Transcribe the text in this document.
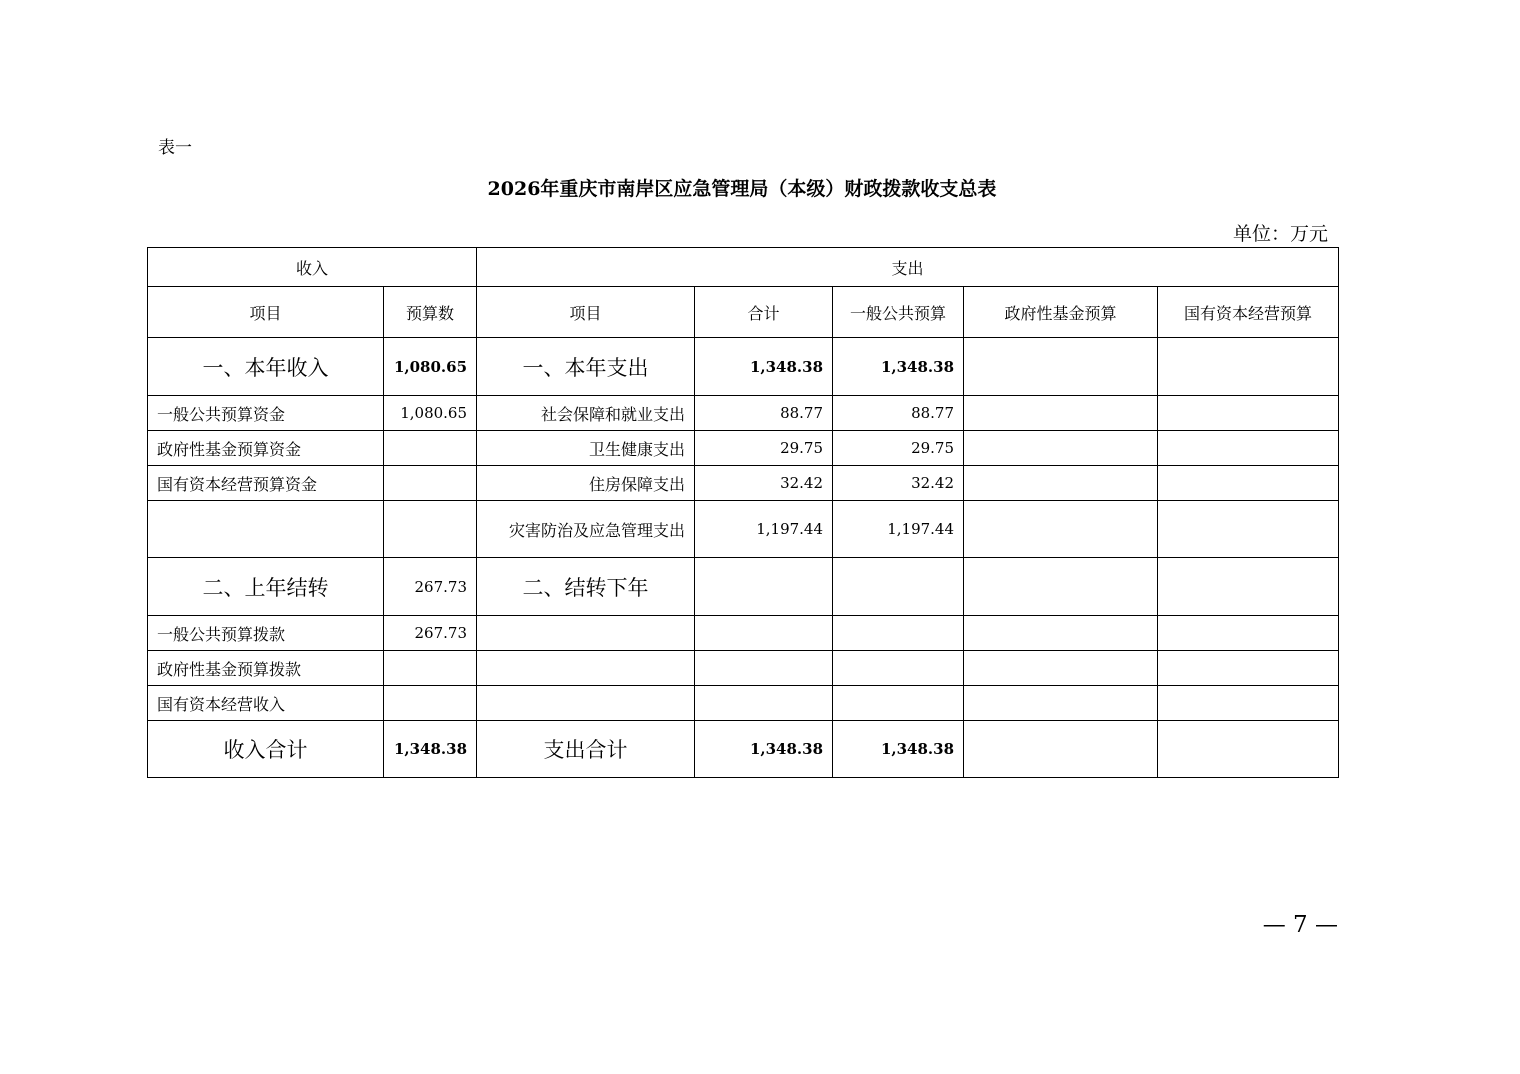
表一
2026年重庆市南岸区应急管理局（本级）财政拨款收支总表
单位：万元
收入		支出				
项目	预算数	项目	合计	一般公共预算	政府性基金预算	国有资本经营预算
一、本年收入	1,080.65	一、本年支出	1,348.38	1,348.38		
一般公共预算资金	1,080.65	社会保障和就业支出	88.77	88.77		
政府性基金预算资金		卫生健康支出	29.75	29.75		
国有资本经营预算资金		住房保障支出	32.42	32.42		
		灾害防治及应急管理支出	1,197.44	1,197.44		
二、上年结转	267.73	二、结转下年				
一般公共预算拨款	267.73					
政府性基金预算拨款						
国有资本经营收入						
收入合计	1,348.38	支出合计	1,348.38	1,348.38		
— 7 —
